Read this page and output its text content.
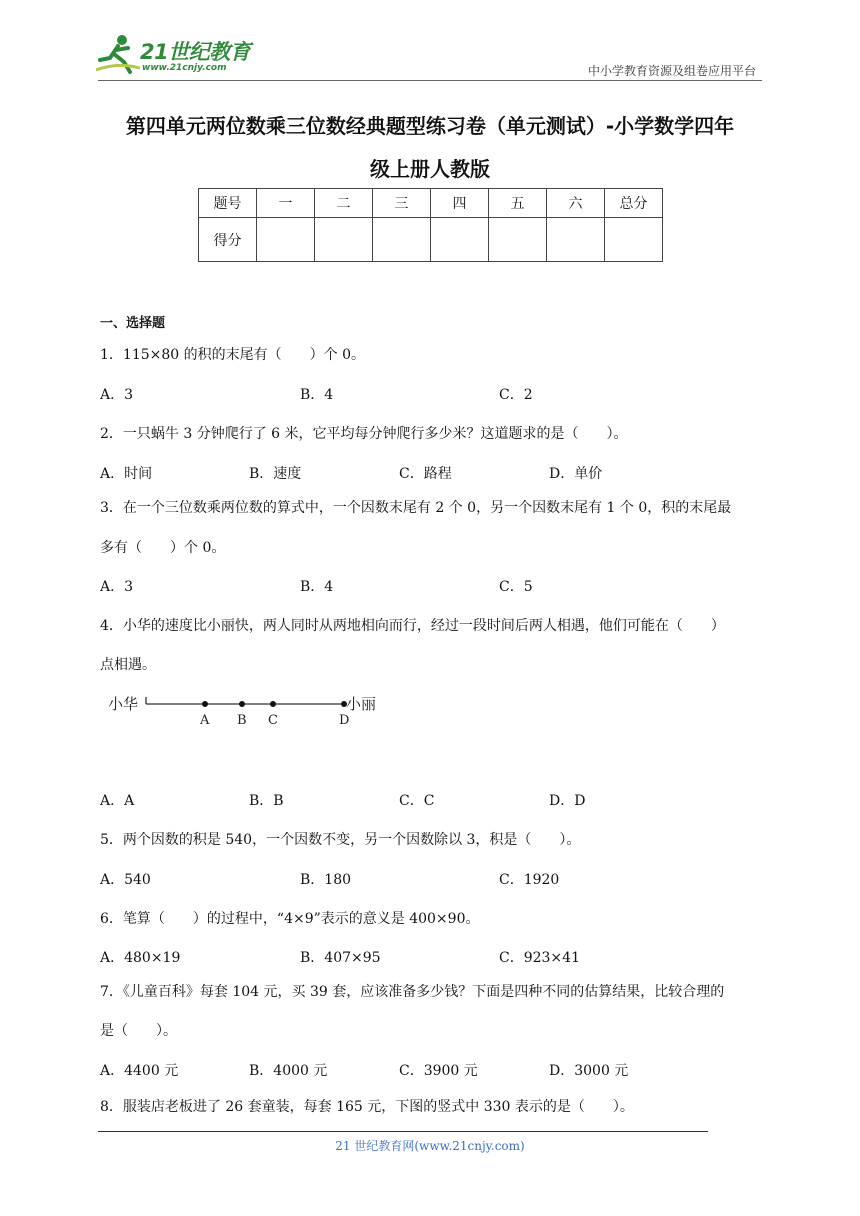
21世纪教育
www.21cnjy.com	中小学教育资源及组卷应用平台
第四单元两位数乘三位数经典题型练习卷（单元测试）-小学数学四年
级上册人教版
题号	一	二	三	四	五	六	总分
得分							
一、选择题
1．115×80 的积的末尾有（　　）个 0。
A．3	B．4	C．2
2．一只蜗牛 3 分钟爬行了 6 米，它平均每分钟爬行多少米？这道题求的是（　　）。
A．时间	B．速度	C．路程	D．单价
3．在一个三位数乘两位数的算式中，一个因数末尾有 2 个 0，另一个因数末尾有 1 个 0，积的末尾最
多有（　　）个 0。
A．3	B．4	C．5
4．小华的速度比小丽快，两人同时从两地相向而行，经过一段时间后两人相遇，他们可能在（　　）
点相遇。
小华
A B C	D
小丽
A．A	B．B	C．C	D．D
5．两个因数的积是 540，一个因数不变，另一个因数除以 3，积是（　　）。
A．540	B．180	C．1920
6．笔算（　　）的过程中，“4×9”表示的意义是 400×90。
A．480×19	B．407×95	C．923×41
7．《儿童百科》每套 104 元，买 39 套，应该准备多少钱？下面是四种不同的估算结果，比较合理的
是（　　）。
A．4400 元	B．4000 元	C．3900 元	D．3000 元
8．服装店老板进了 26 套童装，每套 165 元，下图的竖式中 330 表示的是（　　）。
21 世纪教育网(www.21cnjy.com)
